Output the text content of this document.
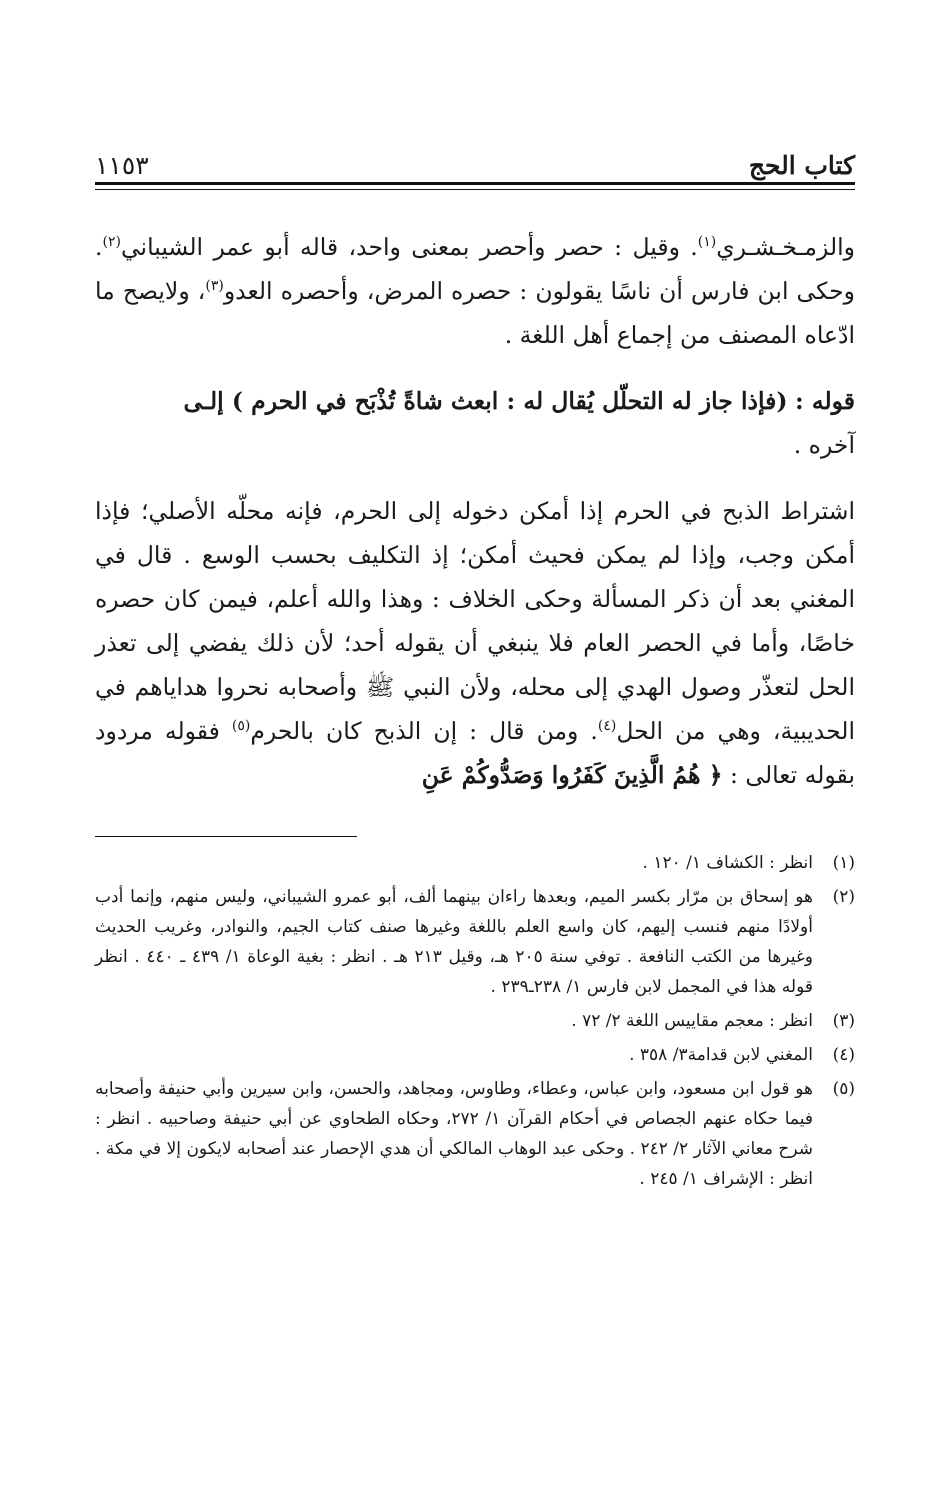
كتاب الحج
١١٥٣

والزمـخـشـري$^{(١)}$. وقيل : حصر وأحصر بمعنى واحد، قاله أبو عمر الشيباني$^{(٢)}$. وحكى ابن فارس أن ناسًا يقولون : حصره المرض، وأحصره العدو$^{(٣)}$، ولايصح ما ادّعاه المصنف من إجماع أهل اللغة .

قوله : (فإذا جاز له التحلّل يُقال له : ابعث شاةً تُذْبَح في الحرم ) إلـى
آخره .

اشتراط الذبح في الحرم إذا أمكن دخوله إلى الحرم، فإنه محلّه الأصلي؛ فإذا أمكن وجب، وإذا لم يمكن فحيث أمكن؛ إذ التكليف بحسب الوسع . قال في المغني بعد أن ذكر المسألة وحكى الخلاف : وهذا والله أعلم، فيمن كان حصره خاصًا، وأما في الحصر العام فلا ينبغي أن يقوله أحد؛ لأن ذلك يفضي إلى تعذر الحل لتعذّر وصول الهدي إلى محله، ولأن النبي ﷺ وأصحابه نحروا هداياهم في الحديبية، وهي من الحل$^{(٤)}$. ومن قال : إن الذبح كان بالحرم$^{(٥)}$ فقوله مردود بقوله تعالى : ﴿ هُمُ الَّذِينَ كَفَرُوا وَصَدُّوكُمْ عَنِ

(١)
انظر : الكشاف ١/ ١٢٠ .
(٢)
هو إسحاق بن مرّار بكسر الميم، وبعدها راءان بينهما ألف، أبو عمرو الشيباني، وليس منهم، وإنما أدب أولادًا منهم فنسب إليهم، كان واسع العلم باللغة وغيرها صنف كتاب الجيم، والنوادر، وغريب الحديث وغيرها من الكتب النافعة . توفي سنة ٢٠٥ هـ، وقيل ٢١٣ هـ . انظر : بغية الوعاة ١/ ٤٣٩ ـ ٤٤٠ . انظر قوله هذا في المجمل لابن فارس ١/ ٢٣٨ـ٢٣٩ .
(٣)
انظر : معجم مقاييس اللغة ٢/ ٧٢ .
(٤)
المغني لابن قدامة٣/ ٣٥٨ .
(٥)
هو قول ابن مسعود، وابن عباس، وعطاء، وطاوس، ومجاهد، والحسن، وابن سيرين وأبي حنيفة وأصحابه فيما حكاه عنهم الجصاص في أحكام القرآن ١/ ٢٧٢، وحكاه الطحاوي عن أبي حنيفة وصاحبيه . انظر : شرح معاني الآثار ٢/ ٢٤٢ . وحكى عبد الوهاب المالكي أن هدي الإحصار عند أصحابه لايكون إلا في مكة . انظر : الإشراف ١/ ٢٤٥ .
